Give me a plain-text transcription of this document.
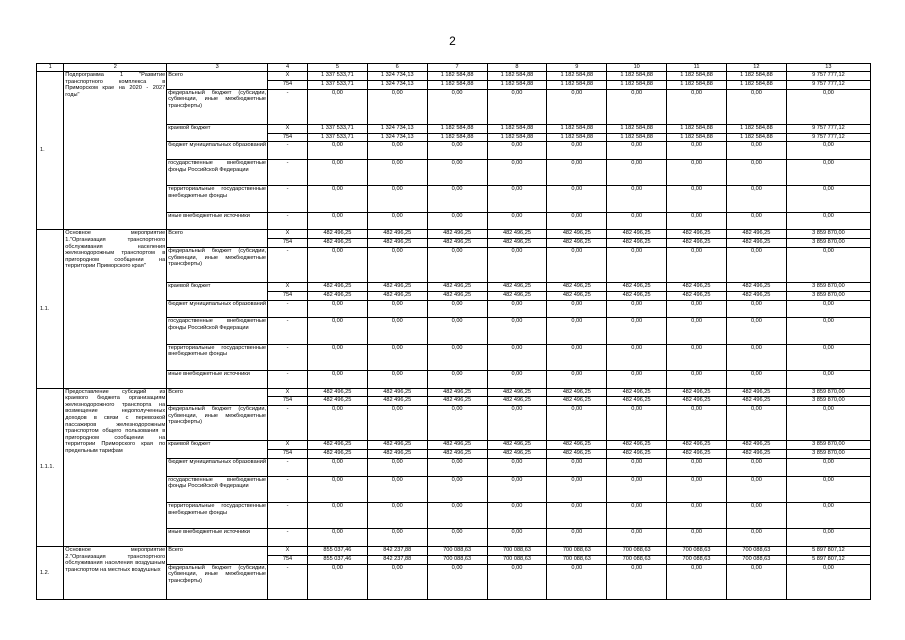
2
1	2	3	4	5	6	7	8	9	10	11	12	13
1.	Подпрограмма 1 "Развитие транспортного комплекса в Приморском крае на 2020 - 2027 годы"	Всего	X	1 337 533,71	1 324 734,13	1 182 584,88	1 182 584,88	1 182 584,88	1 182 584,88	1 182 584,88	1 182 584,88	9 757 777,12
			754	1 337 533,71	1 324 734,13	1 182 584,88	1 182 584,88	1 182 584,88	1 182 584,88	1 182 584,88	1 182 584,88	9 757 777,12
		федеральный бюджет (субсидии, субвенции, иные межбюджетные трансферты)	-	0,00	0,00	0,00	0,00	0,00	0,00	0,00	0,00	0,00
		краевой бюджет	X	1 337 533,71	1 324 734,13	1 182 584,88	1 182 584,88	1 182 584,88	1 182 584,88	1 182 584,88	1 182 584,88	9 757 777,12
			754	1 337 533,71	1 324 734,13	1 182 584,88	1 182 584,88	1 182 584,88	1 182 584,88	1 182 584,88	1 182 584,88	9 757 777,12
		бюджет муниципальных образований	-	0,00	0,00	0,00	0,00	0,00	0,00	0,00	0,00	0,00
		государственные внебюджетные фонды Российской Федерации	-	0,00	0,00	0,00	0,00	0,00	0,00	0,00	0,00	0,00
		территориальные государственные внебюджетные фонды	-	0,00	0,00	0,00	0,00	0,00	0,00	0,00	0,00	0,00
		иные внебюджетные источники	-	0,00	0,00	0,00	0,00	0,00	0,00	0,00	0,00	0,00
1.1.	Основное мероприятие 1."Организация транспортного обслуживания населения железнодорожным транспортом в пригородном сообщении на территории Приморского края"	Всего	X	482 496,25	482 496,25	482 496,25	482 496,25	482 496,25	482 496,25	482 496,25	482 496,25	3 859 870,00
			754	482 496,25	482 496,25	482 496,25	482 496,25	482 496,25	482 496,25	482 496,25	482 496,25	3 859 870,00
		федеральный бюджет (субсидии, субвенции, иные межбюджетные трансферты)	-	0,00	0,00	0,00	0,00	0,00	0,00	0,00	0,00	0,00
		краевой бюджет	X	482 496,25	482 496,25	482 496,25	482 496,25	482 496,25	482 496,25	482 496,25	482 496,25	3 859 870,00
			754	482 496,25	482 496,25	482 496,25	482 496,25	482 496,25	482 496,25	482 496,25	482 496,25	3 859 870,00
		бюджет муниципальных образований	-	0,00	0,00	0,00	0,00	0,00	0,00	0,00	0,00	0,00
		государственные внебюджетные фонды Российской Федерации	-	0,00	0,00	0,00	0,00	0,00	0,00	0,00	0,00	0,00
		территориальные государственные внебюджетные фонды	-	0,00	0,00	0,00	0,00	0,00	0,00	0,00	0,00	0,00
		иные внебюджетные источники	-	0,00	0,00	0,00	0,00	0,00	0,00	0,00	0,00	0,00
1.1.1.	Предоставление субсидий из краевого бюджета организациям железнодорожного транспорта на возмещение недополученных доходов в связи с перевозкой пассажиров железнодорожным транспортом общего пользования в пригородном сообщении на территории Приморского края по предельным тарифам	Всего	X	482 496,25	482 496,25	482 496,25	482 496,25	482 496,25	482 496,25	482 496,25	482 496,25	3 859 870,00
			754	482 496,25	482 496,25	482 496,25	482 496,25	482 496,25	482 496,25	482 496,25	482 496,25	3 859 870,00
		федеральный бюджет (субсидии, субвенции, иные межбюджетные трансферты)	-	0,00	0,00	0,00	0,00	0,00	0,00	0,00	0,00	0,00
		краевой бюджет	X	482 496,25	482 496,25	482 496,25	482 496,25	482 496,25	482 496,25	482 496,25	482 496,25	3 859 870,00
			754	482 496,25	482 496,25	482 496,25	482 496,25	482 496,25	482 496,25	482 496,25	482 496,25	3 859 870,00
		бюджет муниципальных образований	-	0,00	0,00	0,00	0,00	0,00	0,00	0,00	0,00	0,00
		государственные внебюджетные фонды Российской Федерации	-	0,00	0,00	0,00	0,00	0,00	0,00	0,00	0,00	0,00
		территориальные государственные внебюджетные фонды	-	0,00	0,00	0,00	0,00	0,00	0,00	0,00	0,00	0,00
		иные внебюджетные источники	-	0,00	0,00	0,00	0,00	0,00	0,00	0,00	0,00	0,00
1.2.	Основное мероприятие 2."Организация транспортного обслуживания населения воздушным транспортом на местных воздушных	Всего	X	855 037,46	842 237,88	700 088,63	700 088,63	700 088,63	700 088,63	700 088,63	700 088,63	5 897 807,12
			754	855 037,46	842 237,88	700 088,63	700 088,63	700 088,63	700 088,63	700 088,63	700 088,63	5 897 807,12
		федеральный бюджет (субсидии, субвенции, иные межбюджетные трансферты)	-	0,00	0,00	0,00	0,00	0,00	0,00	0,00	0,00	0,00
